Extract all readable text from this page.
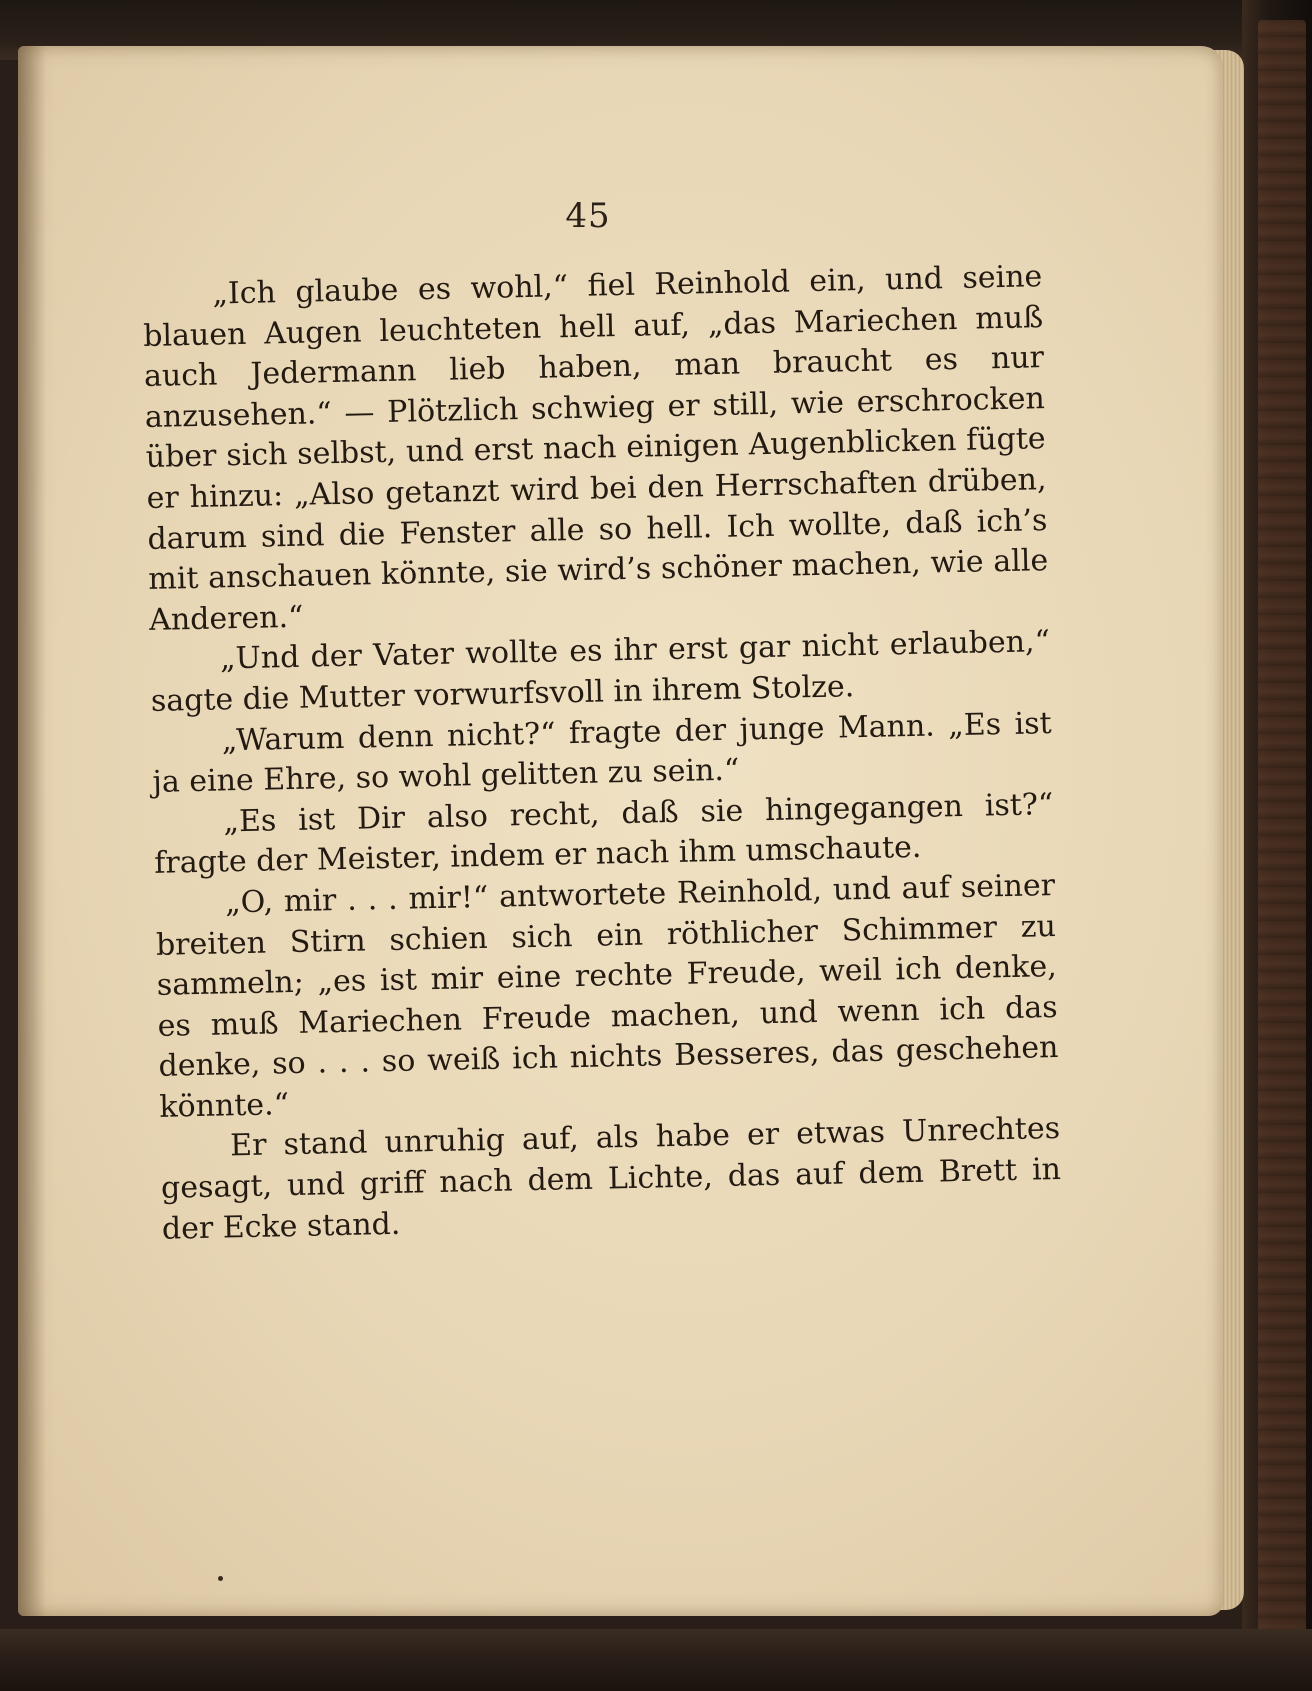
45

„Ich glaube es wohl,“ fiel Reinhold ein, und seine blauen Augen leuchteten hell auf, „das Mariechen muß auch Jedermann lieb haben, man braucht es nur anzusehen.“ — Plötzlich schwieg er still, wie erschrocken über sich selbst, und erst nach einigen Augenblicken fügte er hinzu: „Also getanzt wird bei den Herrschaften drüben, darum sind die Fenster alle so hell. Ich wollte, daß ich’s mit anschauen könnte, sie wird’s schöner machen, wie alle Anderen.“

„Und der Vater wollte es ihr erst gar nicht erlauben,“ sagte die Mutter vorwurfsvoll in ihrem Stolze.

„Warum denn nicht?“ fragte der junge Mann. „Es ist ja eine Ehre, so wohl gelitten zu sein.“

„Es ist Dir also recht, daß sie hingegangen ist?“ fragte der Meister, indem er nach ihm umschaute.

„O, mir . . . mir!“ antwortete Reinhold, und auf seiner breiten Stirn schien sich ein röthlicher Schimmer zu sammeln; „es ist mir eine rechte Freude, weil ich denke, es muß Mariechen Freude machen, und wenn ich das denke, so . . . so weiß ich nichts Besseres, das geschehen könnte.“

Er stand unruhig auf, als habe er etwas Unrechtes gesagt, und griff nach dem Lichte, das auf dem Brett in der Ecke stand.
